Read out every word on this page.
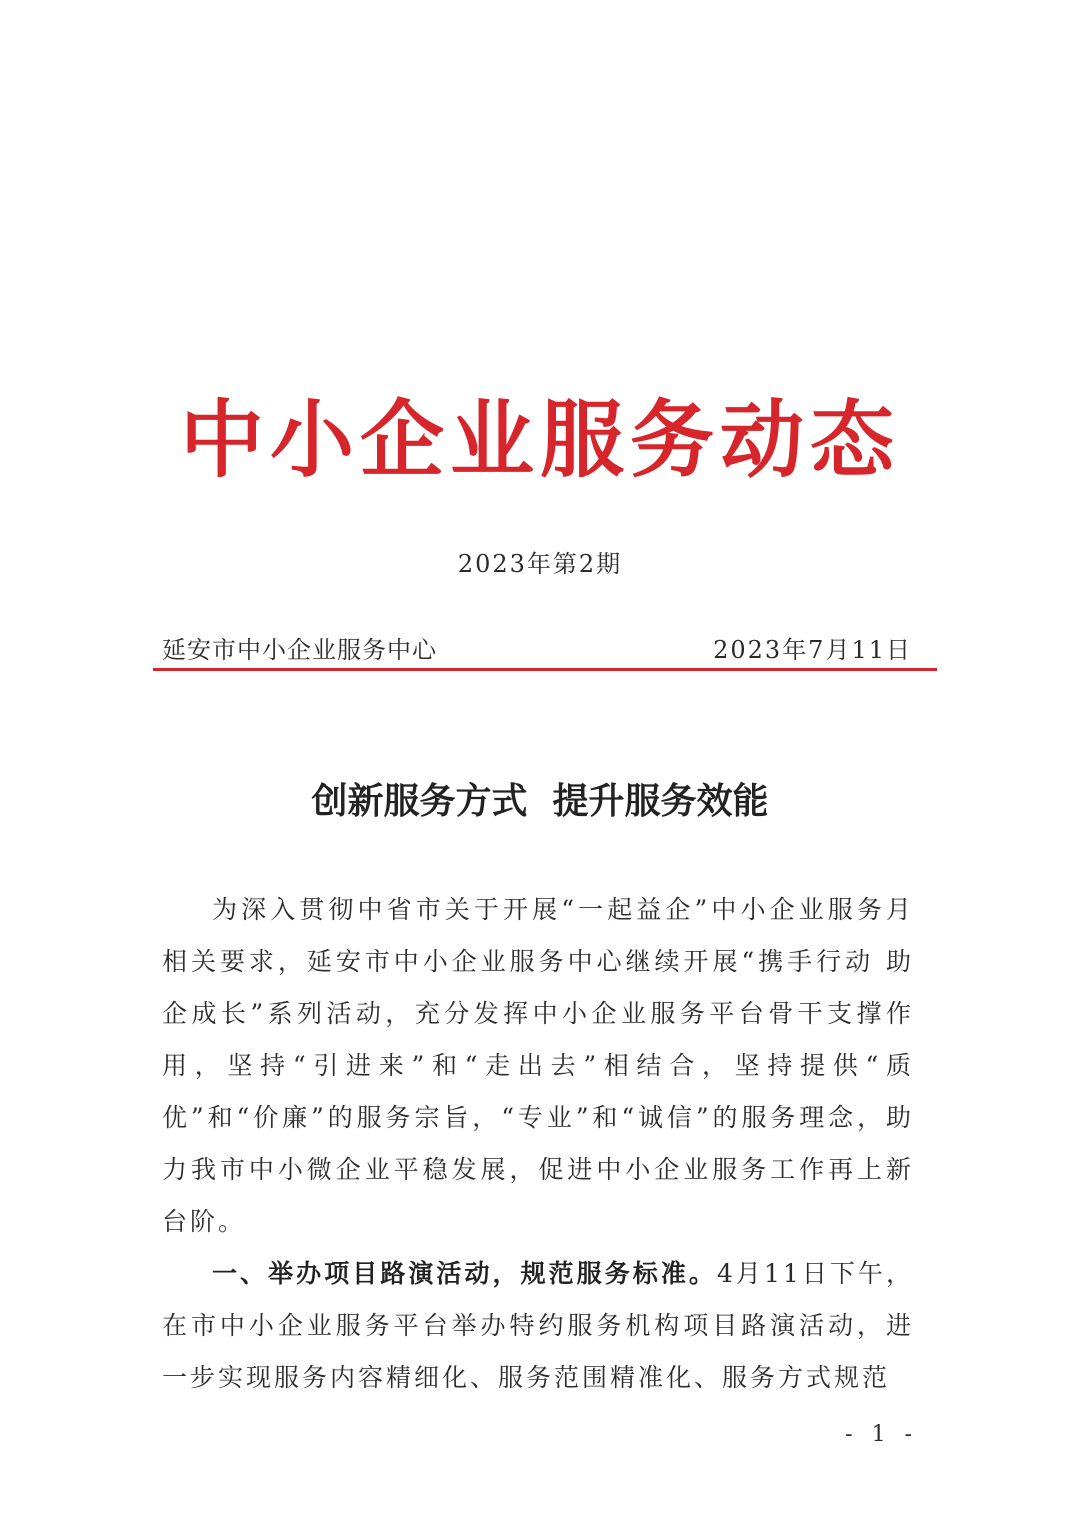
中小企业服务动态
2023年第2期
延安市中小企业服务中心	2023年7月11日
创新服务方式  提升服务效能

为深入贯彻中省市关于开展“一起益企”中小企业服务月相关要求，延安市中小企业服务中心继续开展“携手行动 助企成长”系列活动，充分发挥中小企业服务平台骨干支撑作用，坚持“引进来”和“走出去”相结合，坚持提供“质优”和“价廉”的服务宗旨，“专业”和“诚信”的服务理念，助力我市中小微企业平稳发展，促进中小企业服务工作再上新台阶。

一、举办项目路演活动，规范服务标准。4月11日下午，在市中小企业服务平台举办特约服务机构项目路演活动，进一步实现服务内容精细化、服务范围精准化、服务方式规范

- 1 -
